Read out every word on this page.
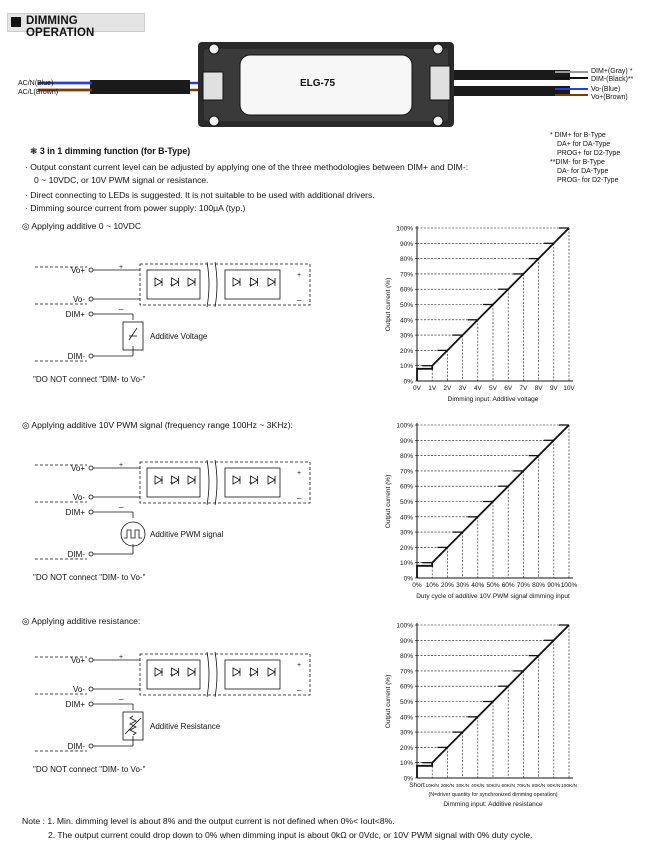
DIMMING OPERATION
ELG-75
AC/N(Blue)
AC/L(Brown)
DIM+(Gray) *
DIM-(Black)**
Vo-(Blue)
Vo+(Brown)
* DIM+ for B-Type
DA+ for DA-Type
PROG+ for D2-Type
**DIM- for B-Type
DA- for DA-Type
PROG- for D2-Type
❃ 3 in 1 dimming function (for B-Type)
· Output constant current level can be adjusted by applying one of the three methodologies between DIM+ and DIM-:
0 ~ 10VDC, or 10V PWM signal or resistance.
· Direct connecting to LEDs is suggested. It is not suitable to be used with additional drivers.
· Dimming source current from power supply: 100μA (typ.)
◎ Applying additive 0 ~ 10VDC
◎ Applying additive 10V PWM signal (frequency range 100Hz ~ 3KHz):
◎ Applying additive resistance:
Vo+
Vo-
DIM+
DIM-
+
_
+
_
...	...
Additive Voltage
"DO NOT connect "DIM- to Vo-"
Vo+
Vo-
DIM+
DIM-
+
_
+
_
...	...
Additive PWM signal
"DO NOT connect "DIM- to Vo-"
Vo+
Vo-
DIM+
DIM-
+
_
+
_
...	...
Additive Resistance
"DO NOT connect "DIM- to Vo-"
0%
10%
20%
30%
40%
50%
60%
70%
80%
90%
100%
0V 1V 2V 3V 4V 5V 6V 7V 8V 9V 10V
Output current (%)
Dimming input: Additive voltage
0%
10%
20%
30%
40%
50%
60%
70%
80%
90%
100%
0% 10% 20% 30% 40% 50% 60% 70% 80% 90% 100%
Output current (%)
Duty cycle of additive 10V PWM signal dimming input
0%
10%
20%
30%
40%
50%
60%
70%
80%
90%
100%
Short 10K/N 20K/N 30K/N 40K/N 50K/N 60K/N 70K/N 80K/N 90K/N 100K/N
Output current (%)
(N=driver quantity for synchronized dimming operation)
Dimming input: Additive resistance
Note : 1. Min. dimming level is about 8% and the output current is not defined when 0%< Iout<8%.
2. The output current could drop down to 0% when dimming input is about 0kΩ or 0Vdc, or 10V PWM signal with 0% duty cycle.
